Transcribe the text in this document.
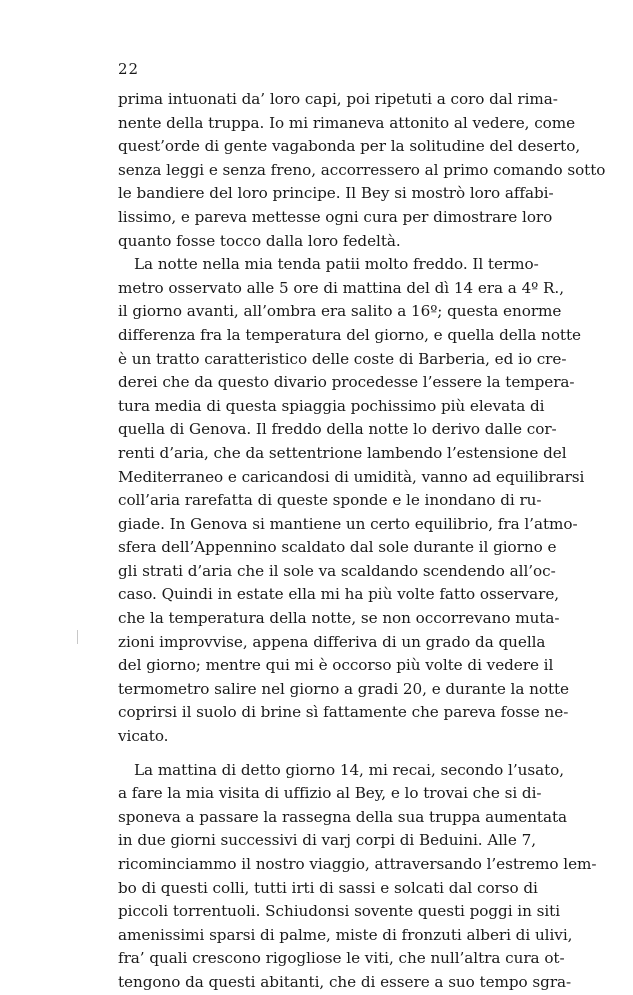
22
prima intuonati da’ loro capi, poi ripetuti a coro dal rima-
nente della truppa. Io mi rimaneva attonito al vedere, come
quest’orde di gente vagabonda per la solitudine del deserto,
senza leggi e senza freno, accorressero al primo comando sotto
le bandiere del loro principe. Il Bey si mostrò loro affabi-
lissimo, e pareva mettesse ogni cura per dimostrare loro
quanto fosse tocco dalla loro fedeltà.
La notte nella mia tenda patii molto freddo. Il termo-
metro osservato alle 5 ore di mattina del dì 14 era a 4º R.,
il giorno avanti, all’ombra era salito a 16º; questa enorme
differenza fra la temperatura del giorno, e quella della notte
è un tratto caratteristico delle coste di Barberia, ed io cre-
derei che da questo divario procedesse l’essere la tempera-
tura media di questa spiaggia pochissimo più elevata di
quella di Genova. Il freddo della notte lo derivo dalle cor-
renti d’aria, che da settentrione lambendo l’estensione del
Mediterraneo e caricandosi di umidità, vanno ad equilibrarsi
coll’aria rarefatta di queste sponde e le inondano di ru-
giade. In Genova si mantiene un certo equilibrio, fra l’atmo-
sfera dell’Appennino scaldato dal sole durante il giorno e
gli strati d’aria che il sole va scaldando scendendo all’oc-
caso. Quindi in estate ella mi ha più volte fatto osservare,
che la temperatura della notte, se non occorrevano muta-
zioni improvvise, appena differiva di un grado da quella
del giorno; mentre qui mi è occorso più volte di vedere il
termometro salire nel giorno a gradi 20, e durante la notte
coprirsi il suolo di brine sì fattamente che pareva fosse ne-
vicato.
La mattina di detto giorno 14, mi recai, secondo l’usato,
a fare la mia visita di uffizio al Bey, e lo trovai che si di-
sponeva a passare la rassegna della sua truppa aumentata
in due giorni successivi di varj corpi di Beduini. Alle 7,
ricominciammo il nostro viaggio, attraversando l’estremo lem-
bo di questi colli, tutti irti di sassi e solcati dal corso di
piccoli torrentuoli. Schiudonsi sovente questi poggi in siti
amenissimi sparsi di palme, miste di fronzuti alberi di ulivi,
fra’ quali crescono rigogliose le viti, che null’altra cura ot-
tengono da questi abitanti, che di essere a suo tempo sgra-
